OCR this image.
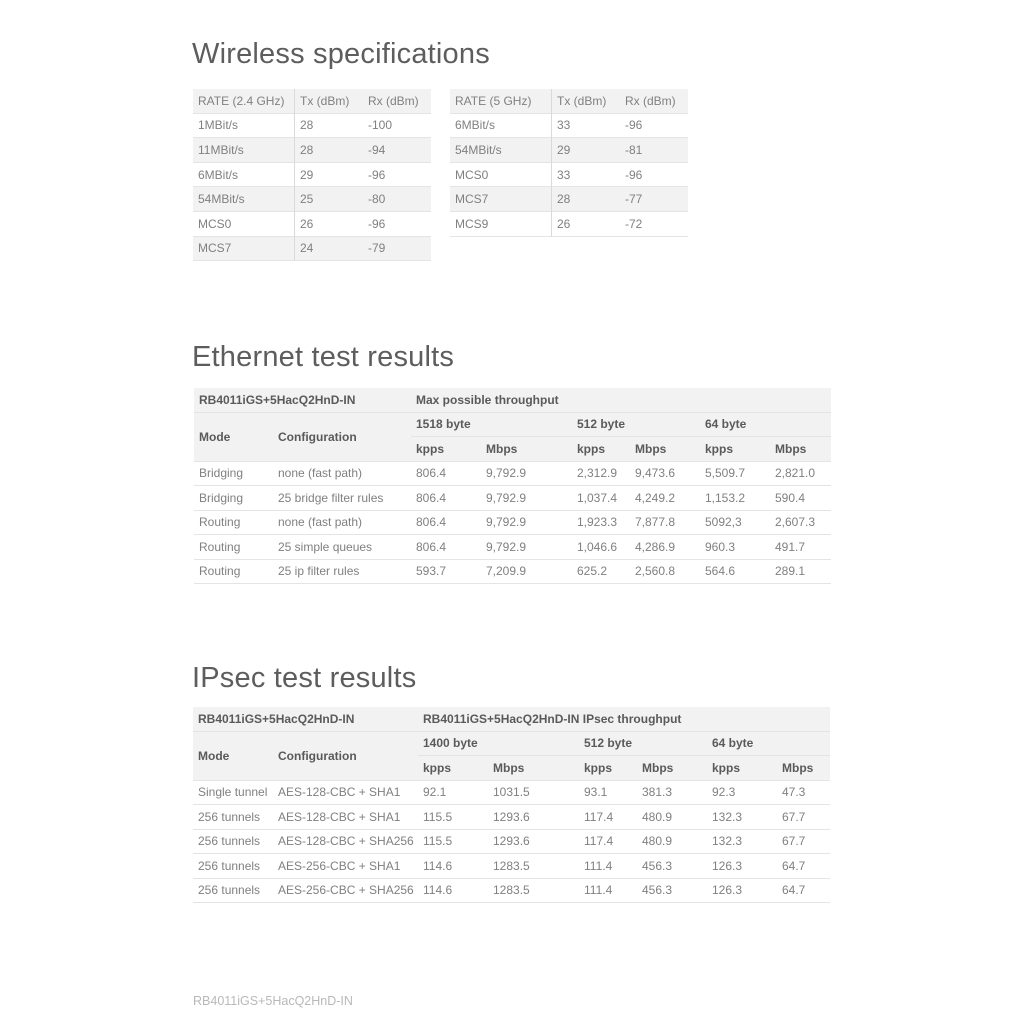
Wireless specifications
RATE (2.4 GHz)	Tx (dBm)	Rx (dBm)
1MBit/s	28	-100
11MBit/s	28	-94
6MBit/s	29	-96
54MBit/s	25	-80
MCS0	26	-96
MCS7	24	-79
RATE (5 GHz)	Tx (dBm)	Rx (dBm)
6MBit/s	33	-96
54MBit/s	29	-81
MCS0	33	-96
MCS7	28	-77
MCS9	26	-72
Ethernet test results
RB4011iGS+5HacQ2HnD-IN		Max possible throughput					
Mode	Configuration	1518 byte		512 byte		64 byte	
		kpps	Mbps	kpps	Mbps	kpps	Mbps
Bridging	none (fast path)	806.4	9,792.9	2,312.9	9,473.6	5,509.7	2,821.0
Bridging	25 bridge filter rules	806.4	9,792.9	1,037.4	4,249.2	1,153.2	590.4
Routing	none (fast path)	806.4	9,792.9	1,923.3	7,877.8	5092,3	2,607.3
Routing	25 simple queues	806.4	9,792.9	1,046.6	4,286.9	960.3	491.7
Routing	25 ip filter rules	593.7	7,209.9	625.2	2,560.8	564.6	289.1
IPsec test results
RB4011iGS+5HacQ2HnD-IN		RB4011iGS+5HacQ2HnD-IN IPsec throughput					
Mode	Configuration	1400 byte		512 byte		64 byte	
		kpps	Mbps	kpps	Mbps	kpps	Mbps
Single tunnel	AES-128-CBC + SHA1	92.1	1031.5	93.1	381.3	92.3	47.3
256 tunnels	AES-128-CBC + SHA1	115.5	1293.6	117.4	480.9	132.3	67.7
256 tunnels	AES-128-CBC + SHA256	115.5	1293.6	117.4	480.9	132.3	67.7
256 tunnels	AES-256-CBC + SHA1	114.6	1283.5	111.4	456.3	126.3	64.7
256 tunnels	AES-256-CBC + SHA256	114.6	1283.5	111.4	456.3	126.3	64.7
RB4011iGS+5HacQ2HnD-IN
